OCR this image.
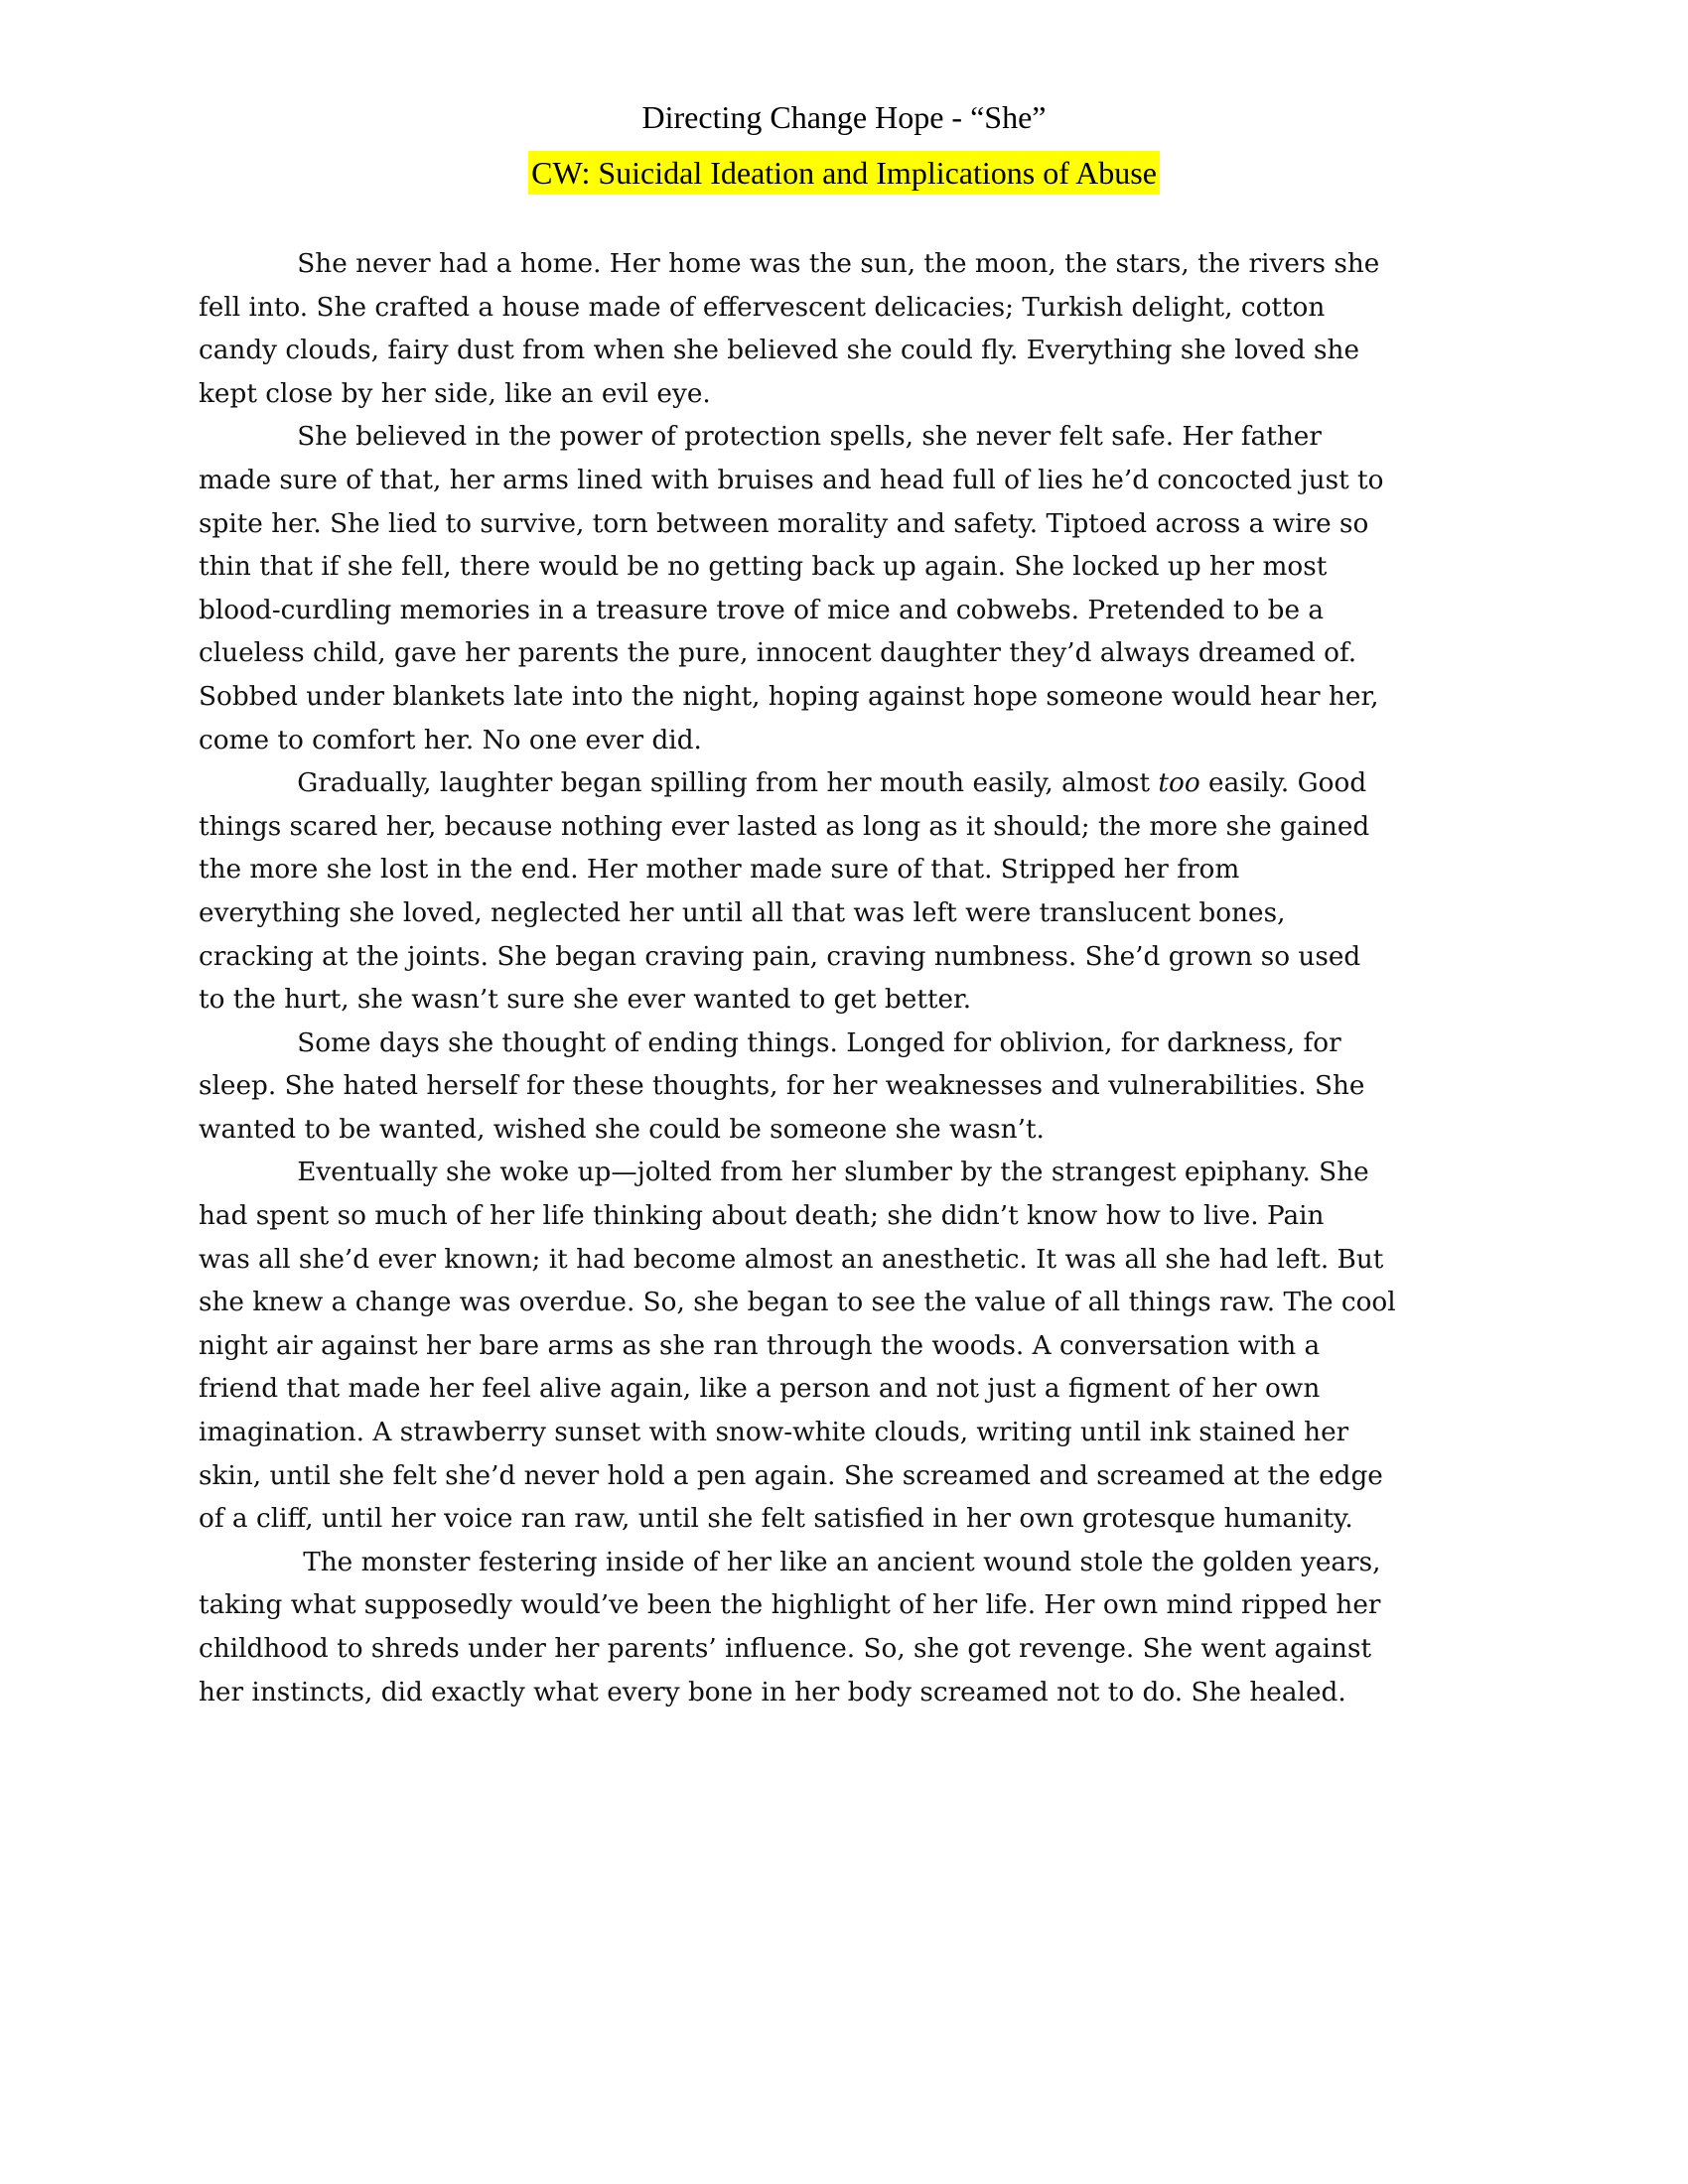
Directing Change Hope - “She”
CW: Suicidal Ideation and Implications of Abuse
She never had a home. Her home was the sun, the moon, the stars, the rivers she
fell into. She crafted a house made of effervescent delicacies; Turkish delight, cotton
candy clouds, fairy dust from when she believed she could fly. Everything she loved she
kept close by her side, like an evil eye.
She believed in the power of protection spells, she never felt safe. Her father
made sure of that, her arms lined with bruises and head full of lies he’d concocted just to
spite her. She lied to survive, torn between morality and safety. Tiptoed across a wire so
thin that if she fell, there would be no getting back up again. She locked up her most
blood-curdling memories in a treasure trove of mice and cobwebs. Pretended to be a
clueless child, gave her parents the pure, innocent daughter they’d always dreamed of.
Sobbed under blankets late into the night, hoping against hope someone would hear her,
come to comfort her. No one ever did.
Gradually, laughter began spilling from her mouth easily, almost too easily. Good
things scared her, because nothing ever lasted as long as it should; the more she gained
the more she lost in the end. Her mother made sure of that. Stripped her from
everything she loved, neglected her until all that was left were translucent bones,
cracking at the joints. She began craving pain, craving numbness. She’d grown so used
to the hurt, she wasn’t sure she ever wanted to get better.
Some days she thought of ending things. Longed for oblivion, for darkness, for
sleep. She hated herself for these thoughts, for her weaknesses and vulnerabilities. She
wanted to be wanted, wished she could be someone she wasn’t.
Eventually she woke up—jolted from her slumber by the strangest epiphany. She
had spent so much of her life thinking about death; she didn’t know how to live. Pain
was all she’d ever known; it had become almost an anesthetic. It was all she had left. But
she knew a change was overdue. So, she began to see the value of all things raw. The cool
night air against her bare arms as she ran through the woods. A conversation with a
friend that made her feel alive again, like a person and not just a figment of her own
imagination. A strawberry sunset with snow-white clouds, writing until ink stained her
skin, until she felt she’d never hold a pen again. She screamed and screamed at the edge
of a cliff, until her voice ran raw, until she felt satisfied in her own grotesque humanity.
The monster festering inside of her like an ancient wound stole the golden years,
taking what supposedly would’ve been the highlight of her life. Her own mind ripped her
childhood to shreds under her parents’ influence. So, she got revenge. She went against
her instincts, did exactly what every bone in her body screamed not to do. She healed.
